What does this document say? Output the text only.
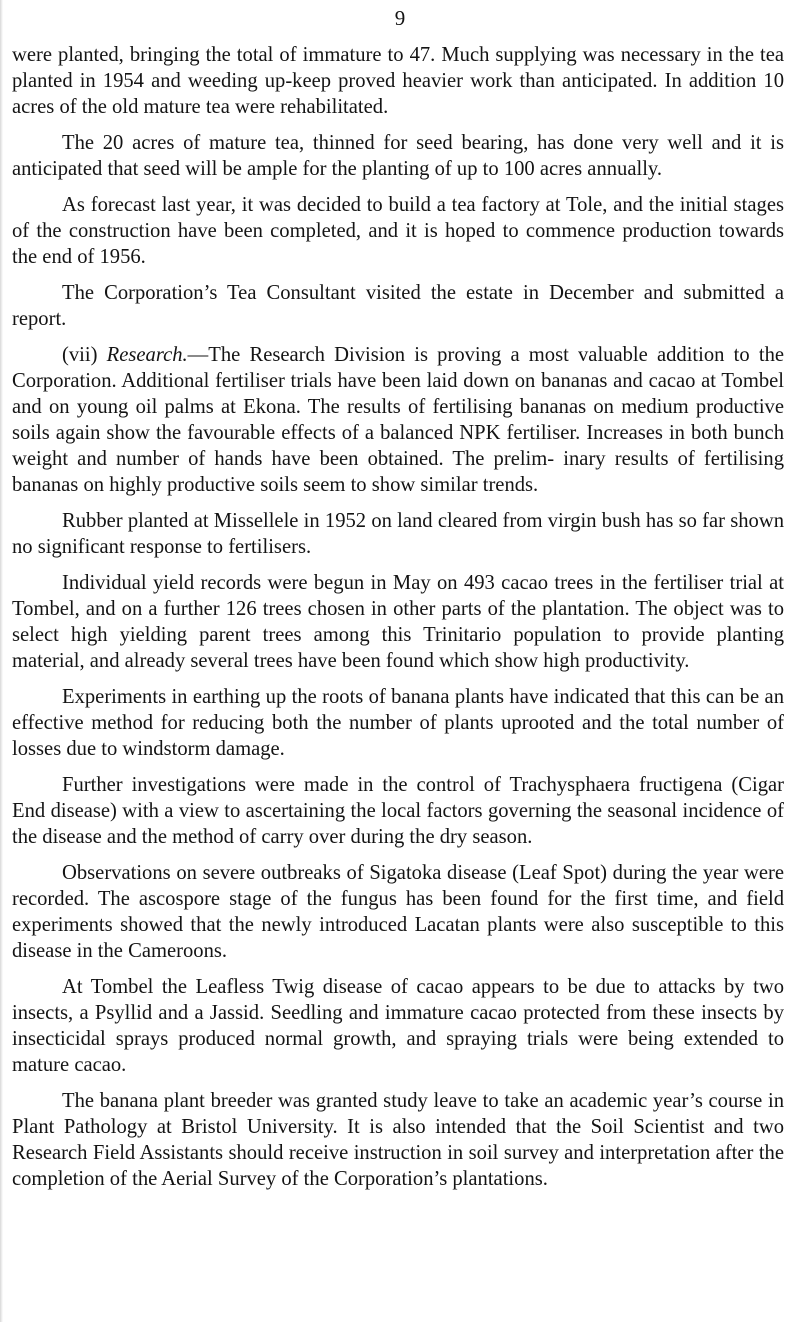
9

were planted, bringing the total of immature to 47. Much supplying was necessary in the tea planted in 1954 and weeding up-keep proved heavier work than anticipated. In addition 10 acres of the old mature tea were rehabilitated.

The 20 acres of mature tea, thinned for seed bearing, has done very well and it is anticipated that seed will be ample for the planting of up to 100 acres annually.

As forecast last year, it was decided to build a tea factory at Tole, and the initial stages of the construction have been completed, and it is hoped to commence production towards the end of 1956.

The Corporation’s Tea Consultant visited the estate in December and submitted a report.

(vii) Research.—The Research Division is proving a most valuable addition to the Corporation. Additional fertiliser trials have been laid down on bananas and cacao at Tombel and on young oil palms at Ekona. The results of fertilising bananas on medium productive soils again show the favourable effects of a balanced NPK fertiliser. Increases in both bunch weight and number of hands have been obtained. The prelim- inary results of fertilising bananas on highly productive soils seem to show similar trends.

Rubber planted at Missellele in 1952 on land cleared from virgin bush has so far shown no significant response to fertilisers.

Individual yield records were begun in May on 493 cacao trees in the fertiliser trial at Tombel, and on a further 126 trees chosen in other parts of the plantation. The object was to select high yielding parent trees among this Trinitario population to provide planting material, and already several trees have been found which show high productivity.

Experiments in earthing up the roots of banana plants have indicated that this can be an effective method for reducing both the number of plants uprooted and the total number of losses due to windstorm damage.

Further investigations were made in the control of Trachysphaera fructigena (Cigar End disease) with a view to ascertaining the local factors governing the seasonal incidence of the disease and the method of carry over during the dry season.

Observations on severe outbreaks of Sigatoka disease (Leaf Spot) during the year were recorded. The ascospore stage of the fungus has been found for the first time, and field experiments showed that the newly introduced Lacatan plants were also susceptible to this disease in the Cameroons.

At Tombel the Leafless Twig disease of cacao appears to be due to attacks by two insects, a Psyllid and a Jassid. Seedling and immature cacao protected from these insects by insecticidal sprays produced normal growth, and spraying trials were being extended to mature cacao.

The banana plant breeder was granted study leave to take an academic year’s course in Plant Pathology at Bristol University. It is also intended that the Soil Scientist and two Research Field Assistants should receive instruction in soil survey and interpretation after the completion of the Aerial Survey of the Corporation’s plantations.
